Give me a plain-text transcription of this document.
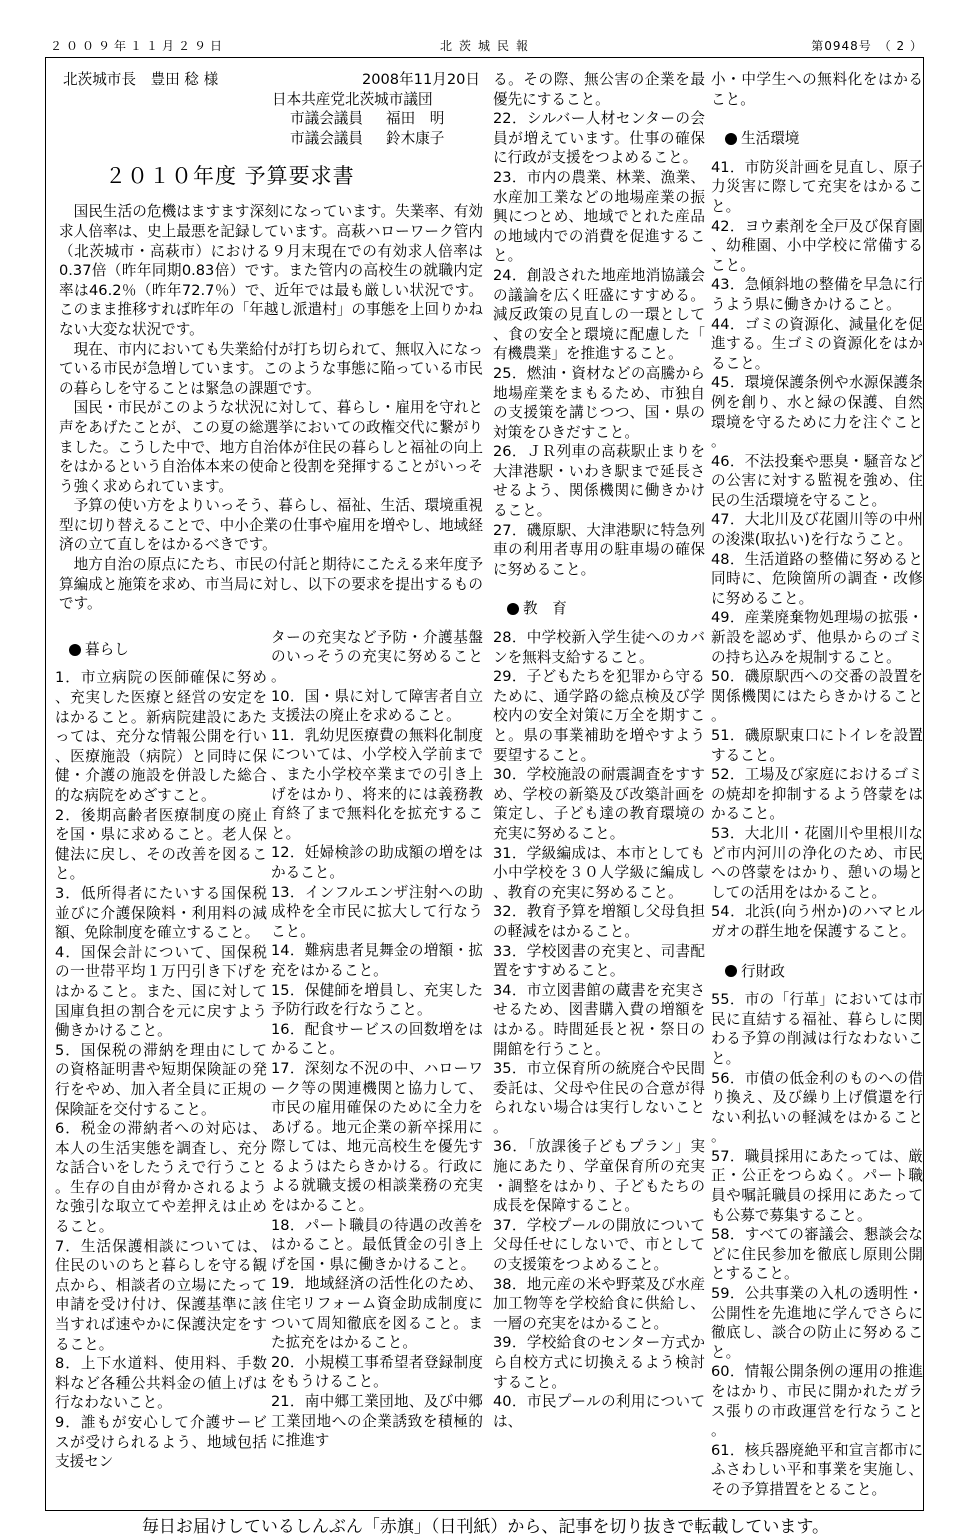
２００９年１１月２９日	北茨城民報	第0948号　（ 2 ）
北茨城市長　豊田 稔 様	2008年11月20日
日本共産党北茨城市議団
市議会議員 福田　明
市議会議員 鈴木康子
２０１０年度 予算要求書

国民生活の危機はますます深刻になっています。失業率、有効求人倍率は、史上最悪を記録しています。高萩ハローワーク管内（北茨城市・高萩市）における９月末現在での有効求人倍率は0.37倍（昨年同期0.83倍）です。また管内の高校生の就職内定率は46.2％（昨年72.7％）で、近年では最も厳しい状況です。このまま推移すれば昨年の「年越し派遣村」の事態を上回りかねない大変な状況です。

現在、市内においても失業給付が打ち切られて、無収入になっている市民が急増しています。このような事態に陥っている市民の暮らしを守ることは緊急の課題です。

国民・市民がこのような状況に対して、暮らし・雇用を守れと声をあげたことが、この夏の総選挙においての政権交代に繋がりました。こうした中で、地方自治体が住民の暮らしと福祉の向上をはかるという自治体本来の使命と役割を発揮することがいっそう強く求められています。

予算の使い方をよりいっそう、暮らし、福祉、生活、環境重視型に切り替えることで、中小企業の仕事や雇用を増やし、地域経済の立て直しをはかるべきです。

地方自治の原点にたち、市民の付託と期待にこたえる来年度予算編成と施策を求め、市当局に対し、以下の要求を提出するものです。

暮らし

1．市立病院の医師確保に努め、充実した医療と経営の安定をはかること。新病院建設にあたっては、充分な情報公開を行い、医療施設（病院）と同時に保健・介護の施設を併設した総合的な病院をめざすこと。

2．後期高齢者医療制度の廃止を国・県に求めること。老人保健法に戻し、その改善を図ること。

3．低所得者にたいする国保税並びに介護保険料・利用料の減額、免除制度を確立すること。

4．国保会計について、国保税の一世帯平均１万円引き下げをはかること。また、国に対して国庫負担の割合を元に戻すよう働きかけること。

5．国保税の滞納を理由にしての資格証明書や短期保険証の発行をやめ、加入者全員に正規の保険証を交付すること。

6．税金の滞納者への対応は、本人の生活実態を調査し、充分な話合いをしたうえで行うこと。生存の自由が脅かされるような強引な取立てや差押えは止めること。

7．生活保護相談については、住民のいのちと暮らしを守る観点から、相談者の立場にたって申請を受け付け、保護基準に該当すれば速やかに保護決定をすること。

8．上下水道料、使用料、手数料など各種公共料金の値上げは行なわないこと。

9．誰もが安心して介護サービスが受けられるよう、地域包括支援セン

ターの充実など予防・介護基盤のいっそうの充実に努めること。

10．国・県に対して障害者自立支援法の廃止を求めること。

11．乳幼児医療費の無料化制度については、小学校入学前まで、また小学校卒業までの引き上げをはかり、将来的には義務教育終了まで無料化を拡充すること。

12．妊婦検診の助成額の増をはかること。

13．インフルエンザ注射への助成枠を全市民に拡大して行なうこと。

14．難病患者見舞金の増額・拡充をはかること。

15．保健師を増員し、充実した予防行政を行なうこと。

16．配食サービスの回数増をはかること。

17．深刻な不況の中、ハローワーク等の関連機関と協力して、市民の雇用確保のために全力をあげる。地元企業の新卒採用に際しては、地元高校生を優先するようはたらきかける。行政による就職支援の相談業務の充実をはかること。

18．パート職員の待遇の改善をはかること。最低賃金の引き上げを国・県に働きかけること。

19．地域経済の活性化のため、住宅リフォーム資金助成制度について周知徹底を図ること。また拡充をはかること。

20．小規模工事希望者登録制度をもうけること。

21．南中郷工業団地、及び中郷工業団地への企業誘致を積極的に推進す

る。その際、無公害の企業を最優先にすること。

22．シルバー人材センターの会員が増えています。仕事の確保に行政が支援をつよめること。

23．市内の農業、林業、漁業、水産加工業などの地場産業の振興につとめ、地域でとれた産品の地域内での消費を促進すること。

24．創設された地産地消協議会の議論を広く旺盛にすすめる。減反政策の見直しの一環として、食の安全と環境に配慮した「有機農業」を推進すること。

25．燃油・資材などの高騰から地場産業をまもるため、市独自の支援策を講じつつ、国・県の対策をひきだすこと。

26．ＪＲ列車の高萩駅止まりを大津港駅・いわき駅まで延長させるよう、関係機関に働きかけること。

27．磯原駅、大津港駅に特急列車の利用者専用の駐車場の確保に努めること。

教　育

28．中学校新入学生徒へのカバンを無料支給すること。

29．子どもたちを犯罪から守るために、通学路の総点検及び学校内の安全対策に万全を期すこと。県の事業補助を増やすよう要望すること。

30．学校施設の耐震調査をすすめ、学校の新築及び改築計画を策定し、子ども達の教育環境の充実に努めること。

31．学級編成は、本市としても小中学校を３０人学級に編成し、教育の充実に努めること。

32．教育予算を増額し父母負担の軽減をはかること。

33．学校図書の充実と、司書配置をすすめること。

34．市立図書館の蔵書を充実させるため、図書購入費の増額をはかる。時間延長と祝・祭日の開館を行うこと。

35．市立保育所の統廃合や民間委託は、父母や住民の合意が得られない場合は実行しないこと。

36．「放課後子どもプラン」実施にあたり、学童保育所の充実・調整をはかり、子どもたちの成長を保障すること。

37．学校プールの開放について父母任せにしないで、市としての支援策をつよめること。

38．地元産の米や野菜及び水産加工物等を学校給食に供給し、一層の充実をはかること。

39．学校給食のセンター方式から自校方式に切換えるよう検討すること。

40．市民プールの利用については、

小・中学生への無料化をはかること。

生活環境

41．市防災計画を見直し、原子力災害に際して充実をはかること。

42．ヨウ素剤を全戸及び保育園、幼稚園、小中学校に常備すること。

43．急傾斜地の整備を早急に行うよう県に働きかけること。

44．ゴミの資源化、減量化を促進する。生ゴミの資源化をはかること。

45．環境保護条例や水源保護条例を創り、水と緑の保護、自然環境を守るために力を注ぐこと。

46．不法投棄や悪臭・騒音などの公害に対する監視を強め、住民の生活環境を守ること。

47．大北川及び花園川等の中州の浚渫(取払い)を行なうこと。

48．生活道路の整備に努めると同時に、危険箇所の調査・改修に努めること。

49．産業廃棄物処理場の拡張・新設を認めず、他県からのゴミの持ち込みを規制すること。

50．磯原駅西への交番の設置を関係機関にはたらきかけること。

51．磯原駅東口にトイレを設置すること。

52．工場及び家庭におけるゴミの焼却を抑制するよう啓蒙をはかること。

53．大北川・花園川や里根川など市内河川の浄化のため、市民への啓蒙をはかり、憩いの場としての活用をはかること。

54．北浜(向う州か)のハマヒルガオの群生地を保護すること。

行財政

55．市の「行革」においては市民に直結する福祉、暮らしに関わる予算の削減は行なわないこと。

56．市債の低金利のものへの借り換え、及び繰り上げ償還を行ない利払いの軽減をはかること。

57．職員採用にあたっては、厳正・公正をつらぬく。パート職員や嘱託職員の採用にあたっても公募で募集すること。

58．すべての審議会、懇談会などに住民参加を徹底し原則公開とすること。

59．公共事業の入札の透明性・公開性を先進地に学んでさらに徹底し、談合の防止に努めること。

60．情報公開条例の運用の推進をはかり、市民に開かれたガラス張りの市政運営を行なうこと。

61．核兵器廃絶平和宣言都市にふさわしい平和事業を実施し、その予算措置をとること。

毎日お届けしているしんぶん「赤旗」（日刊紙）から、記事を切り抜きで転載しています。
